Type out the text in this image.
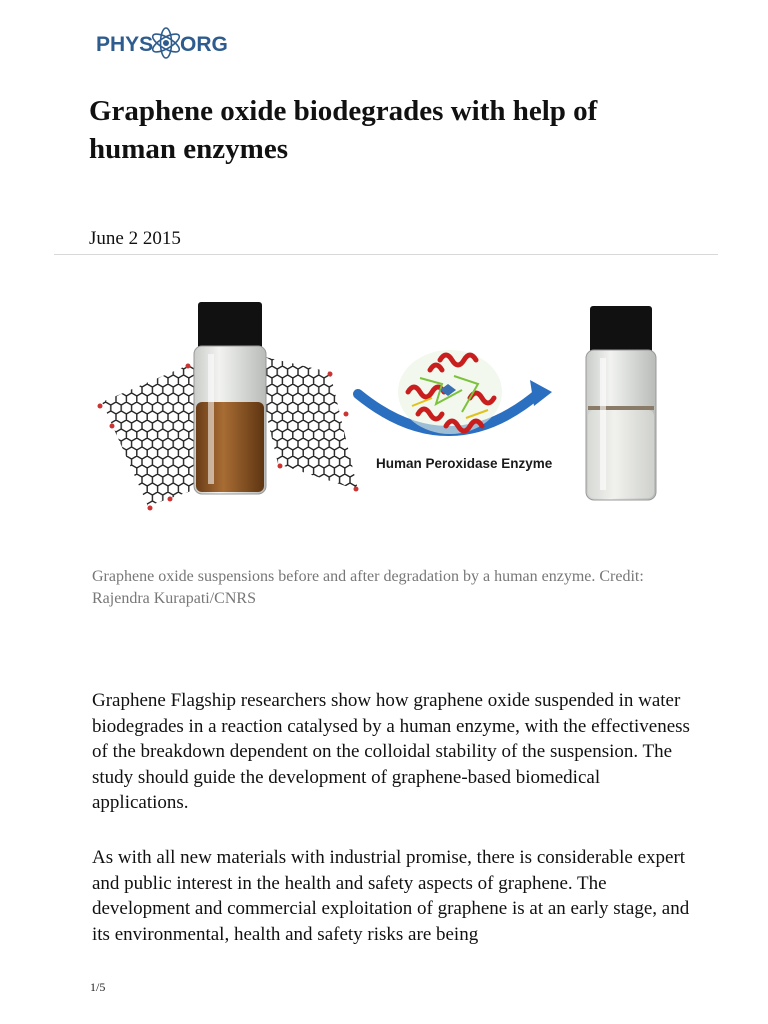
PHYS ORG
Graphene oxide biodegrades with help of human enzymes
June 2 2015
Human Peroxidase Enzyme
Graphene oxide suspensions before and after degradation by a human enzyme. Credit: Rajendra Kurapati/CNRS

Graphene Flagship researchers show how graphene oxide suspended in water biodegrades in a reaction catalysed by a human enzyme, with the effectiveness of the breakdown dependent on the colloidal stability of the suspension. The study should guide the development of graphene-based biomedical applications.

As with all new materials with industrial promise, there is considerable expert and public interest in the health and safety aspects of graphene. The development and commercial exploitation of graphene is at an early stage, and its environmental, health and safety risks are being

1/5
